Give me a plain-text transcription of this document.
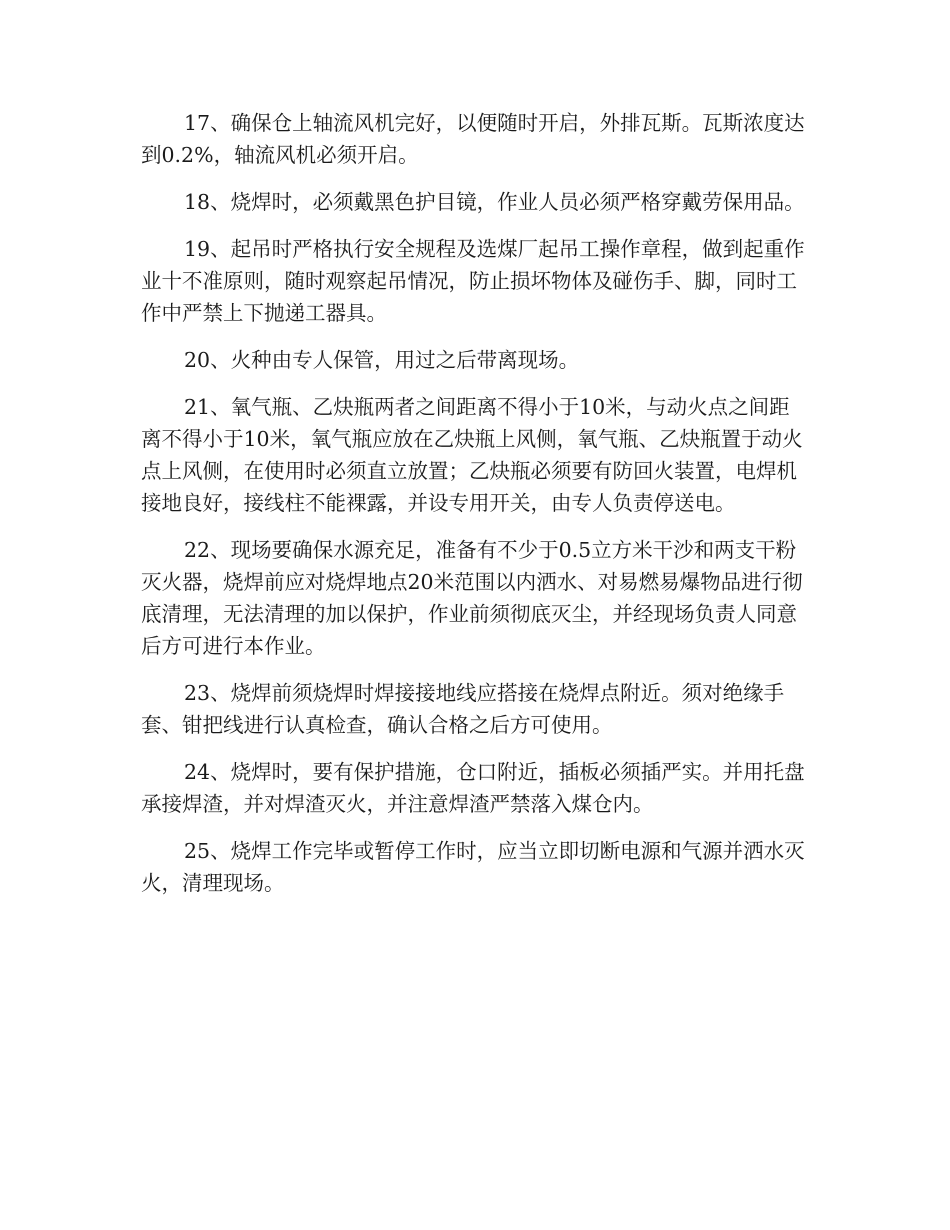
17、确保仓上轴流风机完好，以便随时开启，外排瓦斯。瓦斯浓度达到0.2%，轴流风机必须开启。

18、烧焊时，必须戴黑色护目镜，作业人员必须严格穿戴劳保用品。

19、起吊时严格执行安全规程及选煤厂起吊工操作章程，做到起重作业十不准原则，随时观察起吊情况，防止损坏物体及碰伤手、脚，同时工作中严禁上下抛递工器具。

20、火种由专人保管，用过之后带离现场。

21、氧气瓶、乙炔瓶两者之间距离不得小于10米，与动火点之间距离不得小于10米，氧气瓶应放在乙炔瓶上风侧，氧气瓶、乙炔瓶置于动火点上风侧，在使用时必须直立放置；乙炔瓶必须要有防回火装置，电焊机接地良好，接线柱不能裸露，并设专用开关，由专人负责停送电。

22、现场要确保水源充足，准备有不少于0.5立方米干沙和两支干粉灭火器，烧焊前应对烧焊地点20米范围以内洒水、对易燃易爆物品进行彻底清理，无法清理的加以保护，作业前须彻底灭尘，并经现场负责人同意后方可进行本作业。

23、烧焊前须烧焊时焊接接地线应搭接在烧焊点附近。须对绝缘手套、钳把线进行认真检查，确认合格之后方可使用。

24、烧焊时，要有保护措施，仓口附近，插板必须插严实。并用托盘承接焊渣，并对焊渣灭火，并注意焊渣严禁落入煤仓内。

25、烧焊工作完毕或暂停工作时，应当立即切断电源和气源并洒水灭火，清理现场。
